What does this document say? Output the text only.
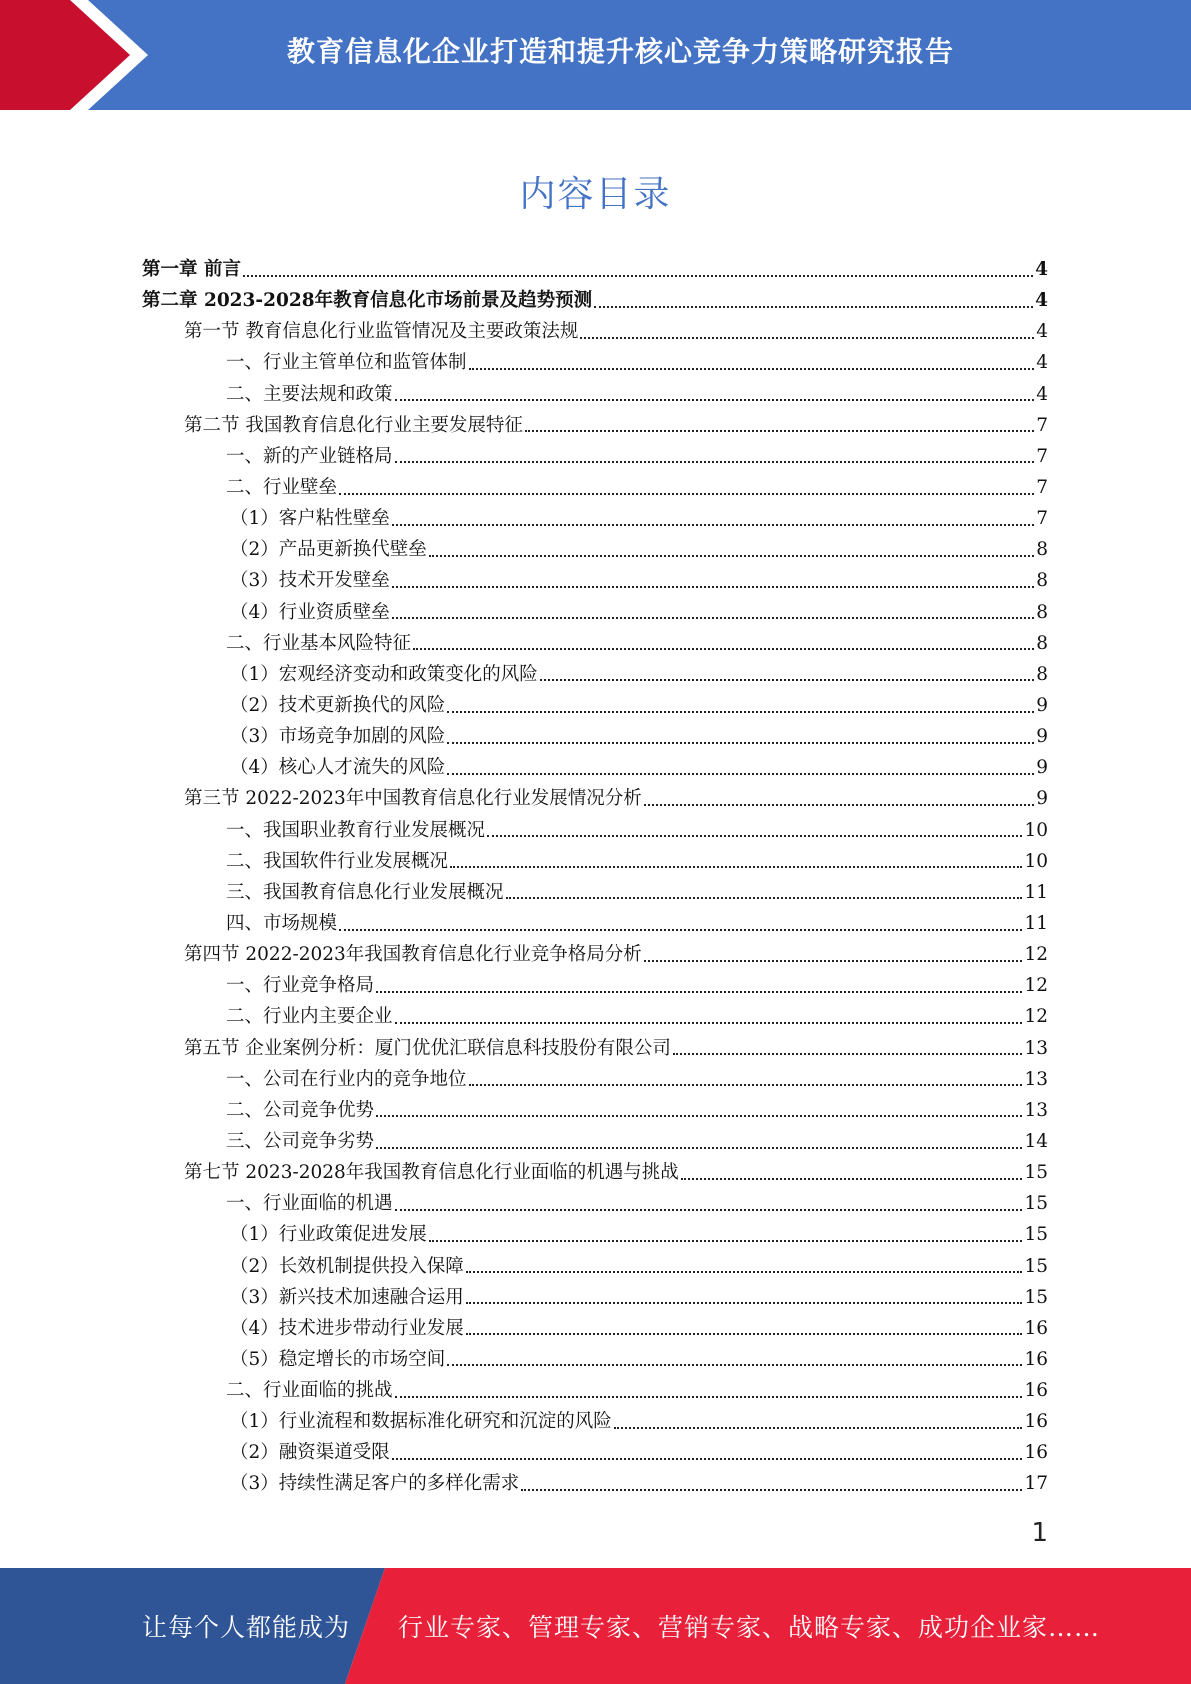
教育信息化企业打造和提升核心竞争力策略研究报告
内容目录
第一章 前言	4
第二章 2023-2028年教育信息化市场前景及趋势预测	4
第一节 教育信息化行业监管情况及主要政策法规	4
一、行业主管单位和监管体制	4
二、主要法规和政策	4
第二节 我国教育信息化行业主要发展特征	7
一、新的产业链格局	7
二、行业壁垒	7
（1）客户粘性壁垒	7
（2）产品更新换代壁垒	8
（3）技术开发壁垒	8
（4）行业资质壁垒	8
二、行业基本风险特征	8
（1）宏观经济变动和政策变化的风险	8
（2）技术更新换代的风险	9
（3）市场竞争加剧的风险	9
（4）核心人才流失的风险	9
第三节 2022-2023年中国教育信息化行业发展情况分析	9
一、我国职业教育行业发展概况	10
二、我国软件行业发展概况	10
三、我国教育信息化行业发展概况	11
四、市场规模	11
第四节 2022-2023年我国教育信息化行业竞争格局分析	12
一、行业竞争格局	12
二、行业内主要企业	12
第五节 企业案例分析：厦门优优汇联信息科技股份有限公司	13
一、公司在行业内的竞争地位	13
二、公司竞争优势	13
三、公司竞争劣势	14
第七节 2023-2028年我国教育信息化行业面临的机遇与挑战	15
一、行业面临的机遇	15
（1）行业政策促进发展	15
（2）长效机制提供投入保障	15
（3）新兴技术加速融合运用	15
（4）技术进步带动行业发展	16
（5）稳定增长的市场空间	16
二、行业面临的挑战	16
（1）行业流程和数据标准化研究和沉淀的风险	16
（2）融资渠道受限	16
（3）持续性满足客户的多样化需求	17
1
让每个人都能成为 行业专家、管理专家、营销专家、战略专家、成功企业家……
